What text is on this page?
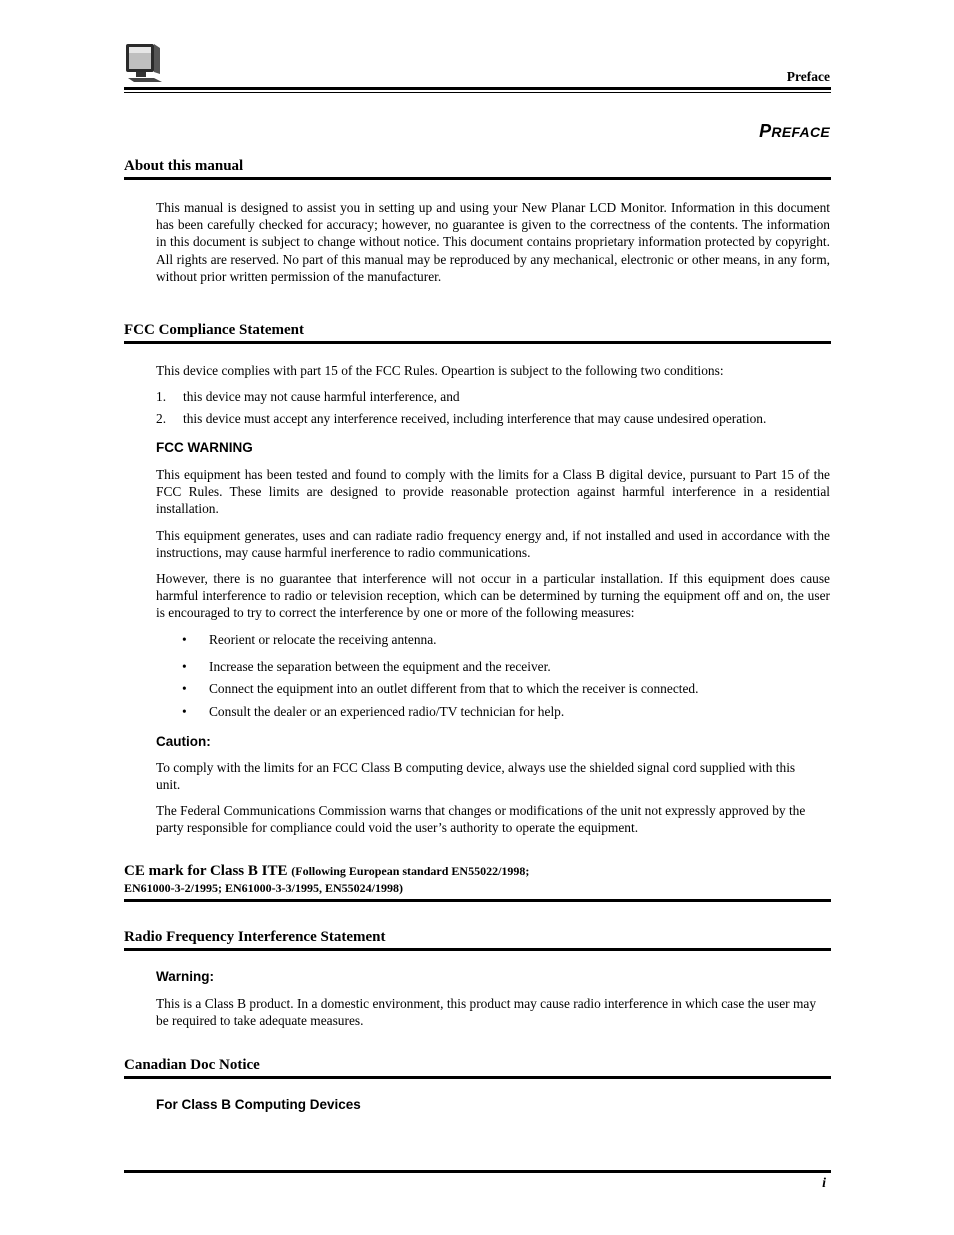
Preface
PREFACE
About this manual
This manual is designed to assist you in setting up and using your New Planar LCD Monitor. Information in this document has been carefully checked for accuracy; however, no guarantee is given to the correctness of the contents. The information in this document is subject to change without notice. This document contains proprietary information protected by copyright. All rights are reserved. No part of this manual may be reproduced by any mechanical, electronic or other means, in any form, without prior written permission of the manufacturer.
FCC Compliance Statement
This device complies with part 15 of the FCC Rules. Opeartion is subject to the following two conditions:
1. this device may not cause harmful interference, and
2. this device must accept any interference received, including interference that may cause undesired operation.
FCC WARNING
This equipment has been tested and found to comply with the limits for a Class B digital device, pursuant to Part 15 of the FCC Rules. These limits are designed to provide reasonable protection against harmful interference in a residential installation.
This equipment generates, uses and can radiate radio frequency energy and, if not installed and used in accordance with the instructions, may cause harmful inerference to radio communications.
However, there is no guarantee that interference will not occur in a particular installation. If this equipment does cause harmful interference to radio or television reception, which can be determined by turning the equipment off and on, the user is encouraged to try to correct the interference by one or more of the following measures:
• Reorient or relocate the receiving antenna.
• Increase the separation between the equipment and the receiver.
• Connect the equipment into an outlet different from that to which the receiver is connected.
• Consult the dealer or an experienced radio/TV technician for help.
Caution:
To comply with the limits for an FCC Class B computing device, always use the shielded signal cord supplied with this unit.
The Federal Communications Commission warns that changes or modifications of the unit not expressly approved by the party responsible for compliance could void the user’s authority to operate the equipment.
CE mark for Class B ITE (Following European standard EN55022/1998;
EN61000-3-2/1995; EN61000-3-3/1995, EN55024/1998)
Radio Frequency Interference Statement
Warning:
This is a Class B product. In a domestic environment, this product may cause radio interference in which case the user may be required to take adequate measures.
Canadian Doc Notice
For Class B Computing Devices
i
